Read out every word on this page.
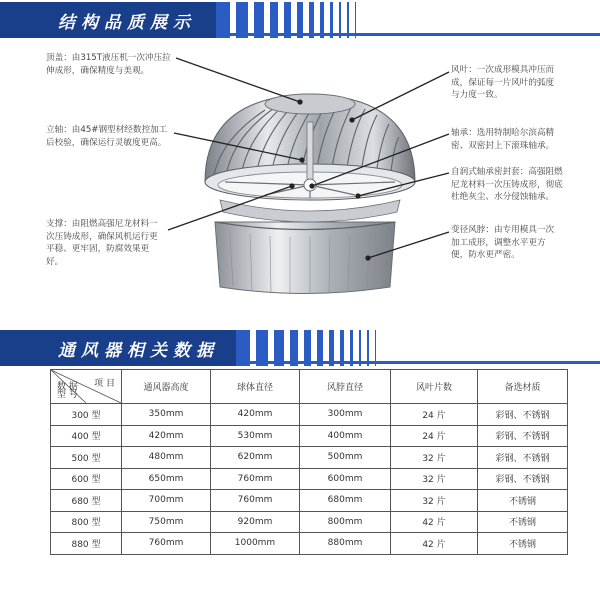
结构品质展示
顶盖：由315T液压机一次冲压拉伸成形，确保精度与美观。
立轴：由45#钢型材经数控加工后校验，确保运行灵敏度更高。
支撑：由阻燃高强尼龙材料一次压铸成形，确保风机运行更平稳、更牢固，防腐效果更好。
风叶：一次成形模具冲压而成，保证每一片风叶的弧度与力度一致。
轴承：选用特制哈尔滨高精密、双密封上下滚珠轴承。
自润式轴承密封套：高强阻燃尼龙材料一次压铸成形，彻底杜绝灰尘、水分侵蚀轴承。
变径风脖：由专用模具一次加工成形，调整水平更方便，防水更严密。
通风器相关数据
项 目
数 据
型 号	通风器高度	球体直径	风脖直径	风叶片数	备选材质
300 型	350mm	420mm	300mm	24 片	彩钢、不锈钢
400 型	420mm	530mm	400mm	24 片	彩钢、不锈钢
500 型	480mm	620mm	500mm	32 片	彩钢、不锈钢
600 型	650mm	760mm	600mm	32 片	彩钢、不锈钢
680 型	700mm	760mm	680mm	32 片	不锈钢
800 型	750mm	920mm	800mm	42 片	不锈钢
880 型	760mm	1000mm	880mm	42 片	不锈钢
